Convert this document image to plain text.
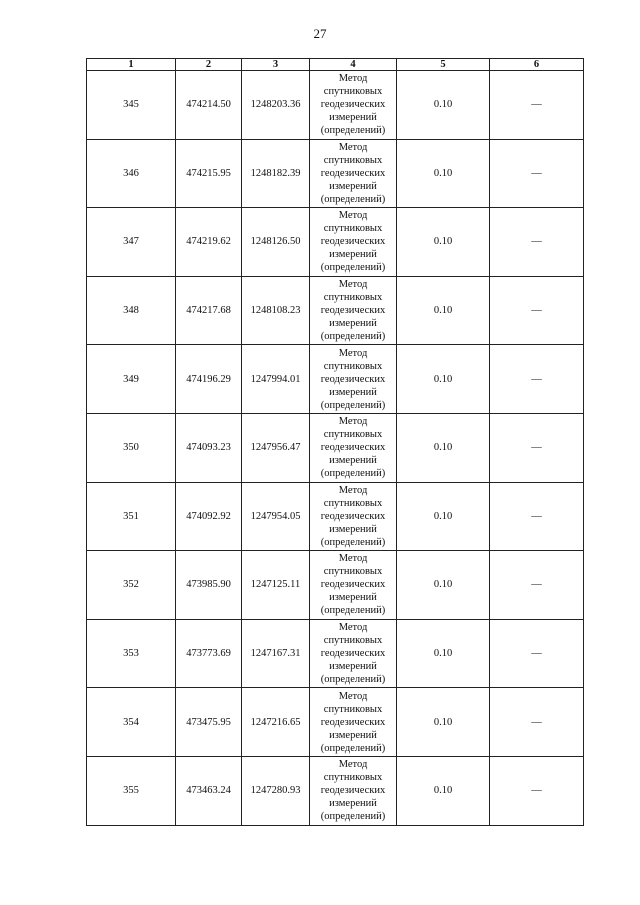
27
1	2	3	4	5	6
345	474214.50	1248203.36	Метод
спутниковых
геодезических
измерений
(определений)	0.10	—
346	474215.95	1248182.39	Метод
спутниковых
геодезических
измерений
(определений)	0.10	—
347	474219.62	1248126.50	Метод
спутниковых
геодезических
измерений
(определений)	0.10	—
348	474217.68	1248108.23	Метод
спутниковых
геодезических
измерений
(определений)	0.10	—
349	474196.29	1247994.01	Метод
спутниковых
геодезических
измерений
(определений)	0.10	—
350	474093.23	1247956.47	Метод
спутниковых
геодезических
измерений
(определений)	0.10	—
351	474092.92	1247954.05	Метод
спутниковых
геодезических
измерений
(определений)	0.10	—
352	473985.90	1247125.11	Метод
спутниковых
геодезических
измерений
(определений)	0.10	—
353	473773.69	1247167.31	Метод
спутниковых
геодезических
измерений
(определений)	0.10	—
354	473475.95	1247216.65	Метод
спутниковых
геодезических
измерений
(определений)	0.10	—
355	473463.24	1247280.93	Метод
спутниковых
геодезических
измерений
(определений)	0.10	—
